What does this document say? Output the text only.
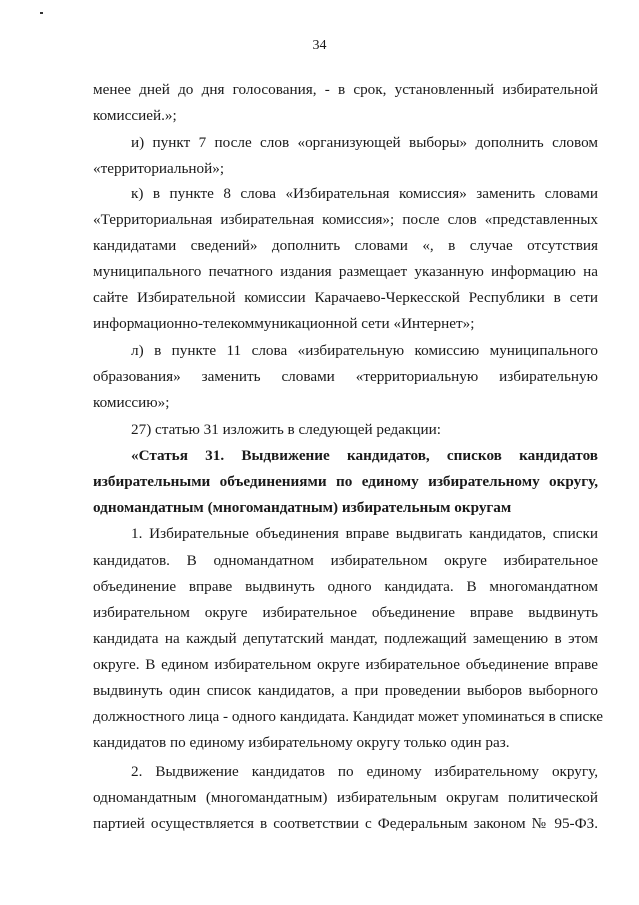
34
менее дней до дня голосования, - в срок, установленный избирательной
комиссией.»;
и) пункт 7 после слов «организующей выборы» дополнить словом
«территориальной»;
к) в пункте 8 слова «Избирательная комиссия» заменить словами
«Территориальная избирательная комиссия»; после слов «представленных
кандидатами сведений» дополнить словами «, в случае отсутствия
муниципального печатного издания размещает указанную информацию на
сайте Избирательной комиссии Карачаево-Черкесской Республики в сети
информационно-телекоммуникационной сети «Интернет»;
л) в пункте 11 слова «избирательную комиссию муниципального
образования» заменить словами «территориальную избирательную
комиссию»;
27) статью 31 изложить в следующей редакции:
«Статья 31. Выдвижение кандидатов, списков кандидатов
избирательными объединениями по единому избирательному округу,
одномандатным (многомандатным) избирательным округам
1. Избирательные объединения вправе выдвигать кандидатов, списки
кандидатов. В одномандатном избирательном округе избирательное
объединение вправе выдвинуть одного кандидата. В многомандатном
избирательном округе избирательное объединение вправе выдвинуть
кандидата на каждый депутатский мандат, подлежащий замещению в этом
округе. В едином избирательном округе избирательное объединение вправе
выдвинуть один список кандидатов, а при проведении выборов выборного
должностного лица - одного кандидата. Кандидат может упоминаться в списке
кандидатов по единому избирательному округу только один раз.
2. Выдвижение кандидатов по единому избирательному округу,
одномандатным (многомандатным) избирательным округам политической
партией осуществляется в соответствии с Федеральным законом № 95-ФЗ.
